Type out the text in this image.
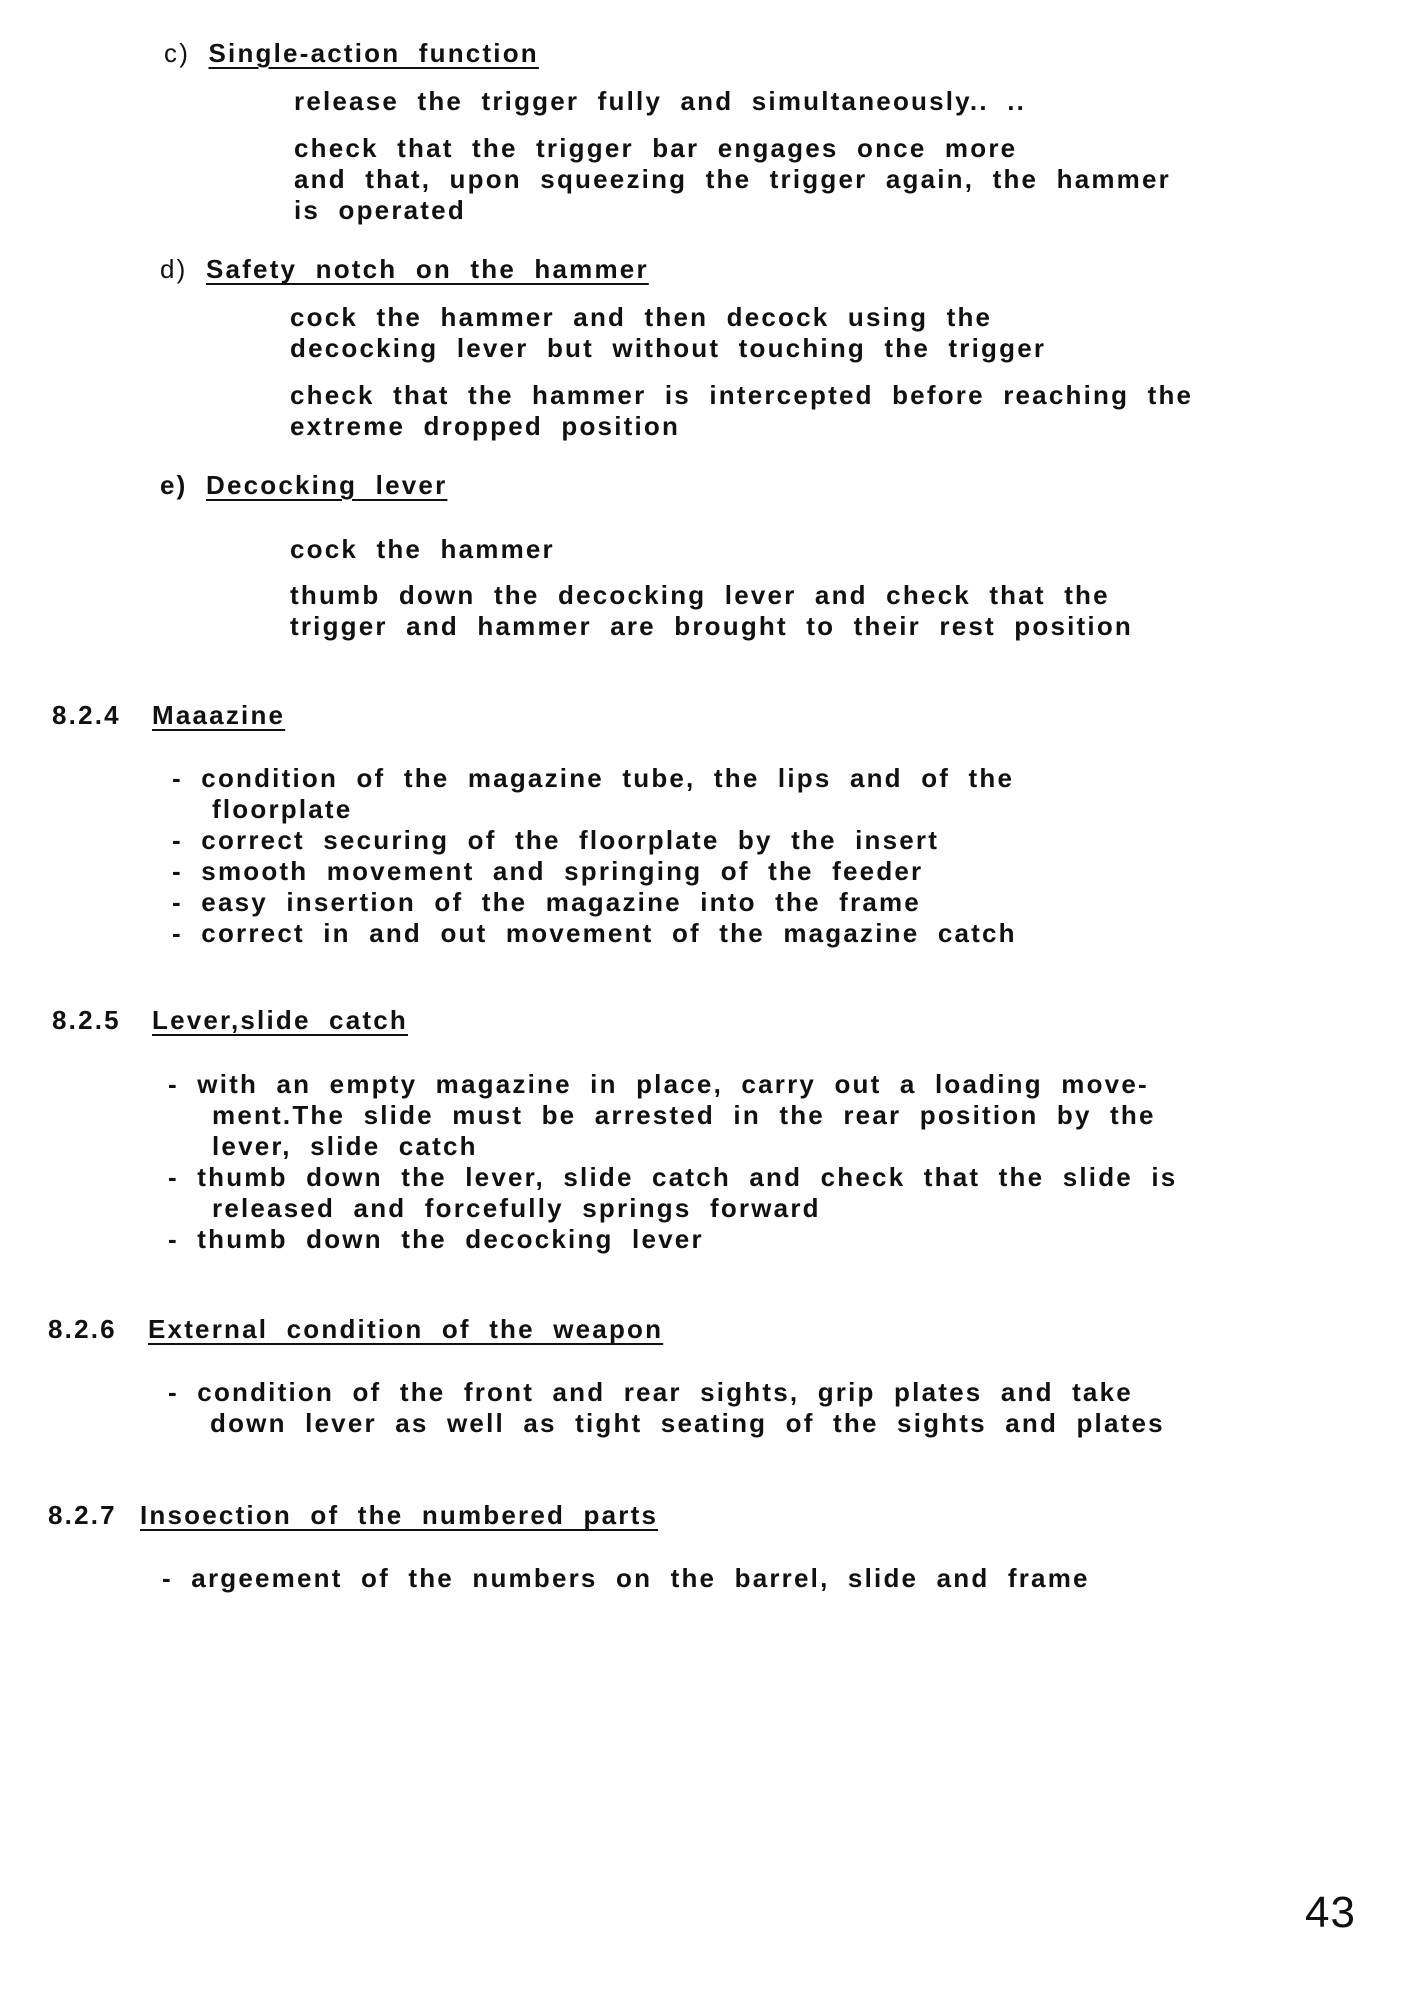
c) Single-action function
release the trigger fully and simultaneously.. ..
check that the trigger bar engages once more
and that, upon squeezing the trigger again, the hammer
is operated
d) Safety notch on the hammer
cock the hammer and then decock using the
decocking lever but without touching the trigger
check that the hammer is intercepted before reaching the
extreme dropped position
e) Decocking lever
cock the hammer
thumb down the decocking lever and check that the
trigger and hammer are brought to their rest position
8.2.4 Maaazine
- condition of the magazine tube, the lips and of the
floorplate
- correct securing of the floorplate by the insert
- smooth movement and springing of the feeder
- easy insertion of the magazine into the frame
- correct in and out movement of the magazine catch
8.2.5 Lever,slide catch
- with an empty magazine in place, carry out a loading move-
ment.The slide must be arrested in the rear position by the
lever, slide catch
- thumb down the lever, slide catch and check that the slide is
released and forcefully springs forward
- thumb down the decocking lever
8.2.6 External condition of the weapon
- condition of the front and rear sights, grip plates and take
down lever as well as tight seating of the sights and plates
8.2.7 Insoection of the numbered parts
- argeement of the numbers on the barrel, slide and frame
43
